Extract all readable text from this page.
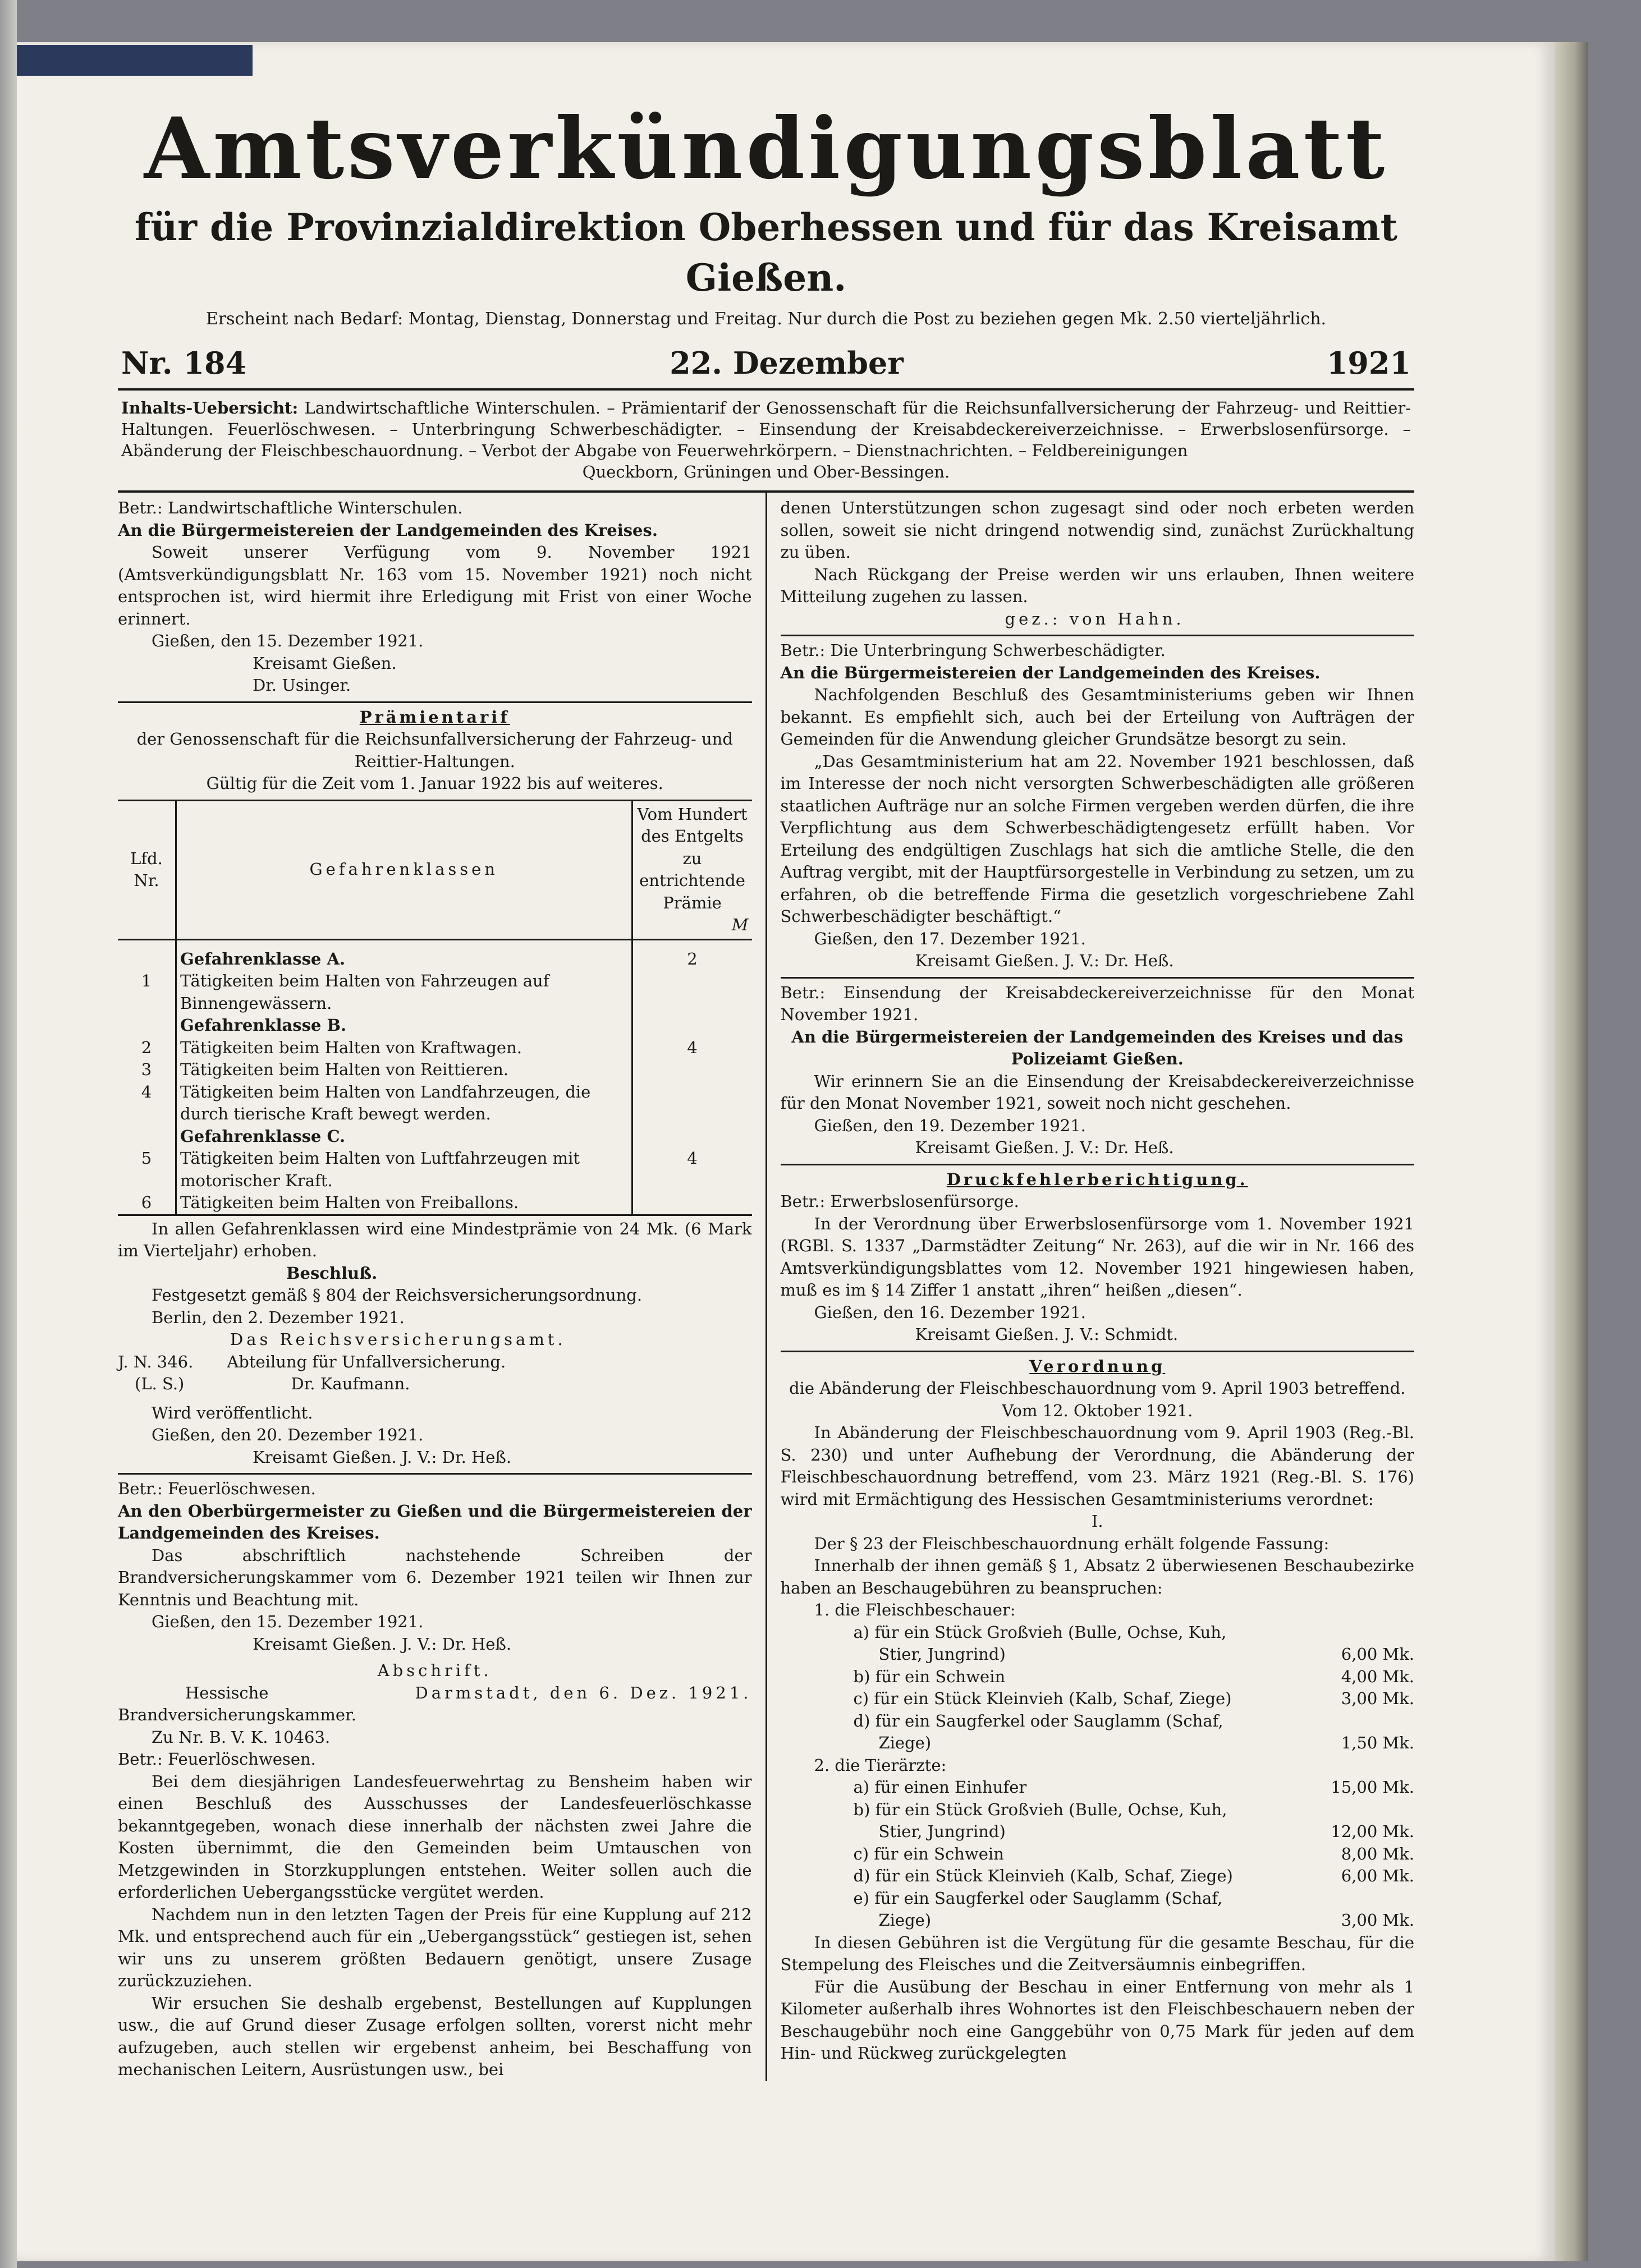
Amtsverkündigungsblatt
für die Provinzialdirektion Oberhessen und für das Kreisamt Gießen.
Erscheint nach Bedarf: Montag, Dienstag, Donnerstag und Freitag. Nur durch die Post zu beziehen gegen Mk. 2.50 vierteljährlich.
Nr. 184	22. Dezember	1921
Inhalts-Uebersicht: Landwirtschaftliche Winterschulen. – Prämientarif der Genossenschaft für die Reichsunfallversicherung der Fahrzeug- und Reittier-Haltungen. Feuerlöschwesen. – Unterbringung Schwerbeschädigter. – Einsendung der Kreisabdeckereiverzeichnisse. – Erwerbslosenfürsorge. – Abänderung der Fleischbeschauordnung. – Verbot der Abgabe von Feuerwehrkörpern. – Dienstnachrichten. – Feldbereinigungen
Queckborn, Grüningen und Ober-Bessingen.

Betr.: Landwirtschaftliche Winterschulen.

An die Bürgermeistereien der Landgemeinden des Kreises.

Soweit unserer Verfügung vom 9. November 1921 (Amtsverkündigungsblatt Nr. 163 vom 15. November 1921) noch nicht entsprochen ist, wird hiermit ihre Erledigung mit Frist von einer Woche erinnert.

Gießen, den 15. Dezember 1921.

Kreisamt Gießen.

Dr. Usinger.

Prämientarif

der Genossenschaft für die Reichsunfallversicherung der Fahrzeug- und Reittier-Haltungen.

Gültig für die Zeit vom 1. Januar 1922 bis auf weiteres.

Lfd. Nr.	Gefahrenklassen	Vom Hundert des Entgelts zu entrichtende Prämie
M

	Gefahrenklasse A.	2
1	Tätigkeiten beim Halten von Fahrzeugen auf Binnengewässern.	
	Gefahrenklasse B.	
2	Tätigkeiten beim Halten von Kraftwagen.	4
3	Tätigkeiten beim Halten von Reittieren.	
4	Tätigkeiten beim Halten von Landfahrzeugen, die durch tierische Kraft bewegt werden.	
	Gefahrenklasse C.	
5	Tätigkeiten beim Halten von Luftfahrzeugen mit motorischer Kraft.	4
6	Tätigkeiten beim Halten von Freiballons.	

In allen Gefahrenklassen wird eine Mindestprämie von 24 Mk. (6 Mark im Vierteljahr) erhoben.

Beschluß.

Festgesetzt gemäß § 804 der Reichsversicherungsordnung.

Berlin, den 2. Dezember 1921.

Das Reichsversicherungsamt.

J. N. 346.	Abteilung für Unfallversicherung.
(L. S.)	Dr. Kaufmann.

Wird veröffentlicht.

Gießen, den 20. Dezember 1921.

Kreisamt Gießen. J. V.: Dr. Heß.

Betr.: Feuerlöschwesen.

An den Oberbürgermeister zu Gießen und die Bürgermeistereien der Landgemeinden des Kreises.

Das abschriftlich nachstehende Schreiben der Brandversicherungskammer vom 6. Dezember 1921 teilen wir Ihnen zur Kenntnis und Beachtung mit.

Gießen, den 15. Dezember 1921.

Kreisamt Gießen. J. V.: Dr. Heß.

Abschrift.

Hessische	Darmstadt, den 6. Dez. 1921.

Brandversicherungskammer.

Zu Nr. B. V. K. 10463.

Betr.: Feuerlöschwesen.

Bei dem diesjährigen Landesfeuerwehrtag zu Bensheim haben wir einen Beschluß des Ausschusses der Landesfeuerlöschkasse bekanntgegeben, wonach diese innerhalb der nächsten zwei Jahre die Kosten übernimmt, die den Gemeinden beim Umtauschen von Metzgewinden in Storzkupplungen entstehen. Weiter sollen auch die erforderlichen Uebergangsstücke vergütet werden.

Nachdem nun in den letzten Tagen der Preis für eine Kupplung auf 212 Mk. und entsprechend auch für ein „Uebergangsstück“ gestiegen ist, sehen wir uns zu unserem größten Bedauern genötigt, unsere Zusage zurückzuziehen.

Wir ersuchen Sie deshalb ergebenst, Bestellungen auf Kupplungen usw., die auf Grund dieser Zusage erfolgen sollten, vorerst nicht mehr aufzugeben, auch stellen wir ergebenst anheim, bei Beschaffung von mechanischen Leitern, Ausrüstungen usw., bei

denen Unterstützungen schon zugesagt sind oder noch erbeten werden sollen, soweit sie nicht dringend notwendig sind, zunächst Zurückhaltung zu üben.

Nach Rückgang der Preise werden wir uns erlauben, Ihnen weitere Mitteilung zugehen zu lassen.

gez.: von Hahn.

Betr.: Die Unterbringung Schwerbeschädigter.

An die Bürgermeistereien der Landgemeinden des Kreises.

Nachfolgenden Beschluß des Gesamtministeriums geben wir Ihnen bekannt. Es empfiehlt sich, auch bei der Erteilung von Aufträgen der Gemeinden für die Anwendung gleicher Grundsätze besorgt zu sein.

„Das Gesamtministerium hat am 22. November 1921 beschlossen, daß im Interesse der noch nicht versorgten Schwerbeschädigten alle größeren staatlichen Aufträge nur an solche Firmen vergeben werden dürfen, die ihre Verpflichtung aus dem Schwerbeschädigtengesetz erfüllt haben. Vor Erteilung des endgültigen Zuschlags hat sich die amtliche Stelle, die den Auftrag vergibt, mit der Hauptfürsorgestelle in Verbindung zu setzen, um zu erfahren, ob die betreffende Firma die gesetzlich vorgeschriebene Zahl Schwerbeschädigter beschäftigt.“

Gießen, den 17. Dezember 1921.

Kreisamt Gießen. J. V.: Dr. Heß.

Betr.: Einsendung der Kreisabdeckereiverzeichnisse für den Monat November 1921.

An die Bürgermeistereien der Landgemeinden des Kreises und das Polizeiamt Gießen.

Wir erinnern Sie an die Einsendung der Kreisabdeckereiverzeichnisse für den Monat November 1921, soweit noch nicht geschehen.

Gießen, den 19. Dezember 1921.

Kreisamt Gießen. J. V.: Dr. Heß.

Druckfehlerberichtigung.

Betr.: Erwerbslosenfürsorge.

In der Verordnung über Erwerbslosenfürsorge vom 1. November 1921 (RGBl. S. 1337 „Darmstädter Zeitung“ Nr. 263), auf die wir in Nr. 166 des Amtsverkündigungsblattes vom 12. November 1921 hingewiesen haben, muß es im § 14 Ziffer 1 anstatt „ihren“ heißen „diesen“.

Gießen, den 16. Dezember 1921.

Kreisamt Gießen. J. V.: Schmidt.

Verordnung

die Abänderung der Fleischbeschauordnung vom 9. April 1903 betreffend. Vom 12. Oktober 1921.

In Abänderung der Fleischbeschauordnung vom 9. April 1903 (Reg.-Bl. S. 230) und unter Aufhebung der Verordnung, die Abänderung der Fleischbeschauordnung betreffend, vom 23. März 1921 (Reg.-Bl. S. 176) wird mit Ermächtigung des Hessischen Gesamtministeriums verordnet:

I.

Der § 23 der Fleischbeschauordnung erhält folgende Fassung:

Innerhalb der ihnen gemäß § 1, Absatz 2 überwiesenen Beschaubezirke haben an Beschaugebühren zu beanspruchen:

1. die Fleischbeschauer:
a) für ein Stück Großvieh (Bulle, Ochse, Kuh,
Stier, Jungrind)	6,00 Mk.
b) für ein Schwein	4,00 Mk.
c) für ein Stück Kleinvieh (Kalb, Schaf, Ziege)	3,00 Mk.
d) für ein Saugferkel oder Sauglamm (Schaf,
Ziege)	1,50 Mk.
2. die Tierärzte:
a) für einen Einhufer	15,00 Mk.
b) für ein Stück Großvieh (Bulle, Ochse, Kuh,
Stier, Jungrind)	12,00 Mk.
c) für ein Schwein	8,00 Mk.
d) für ein Stück Kleinvieh (Kalb, Schaf, Ziege)	6,00 Mk.
e) für ein Saugferkel oder Sauglamm (Schaf,
Ziege)	3,00 Mk.

In diesen Gebühren ist die Vergütung für die gesamte Beschau, für die Stempelung des Fleisches und die Zeitversäumnis einbegriffen.

Für die Ausübung der Beschau in einer Entfernung von mehr als 1 Kilometer außerhalb ihres Wohnortes ist den Fleischbeschauern neben der Beschaugebühr noch eine Ganggebühr von 0,75 Mark für jeden auf dem Hin- und Rückweg zurückgelegten
